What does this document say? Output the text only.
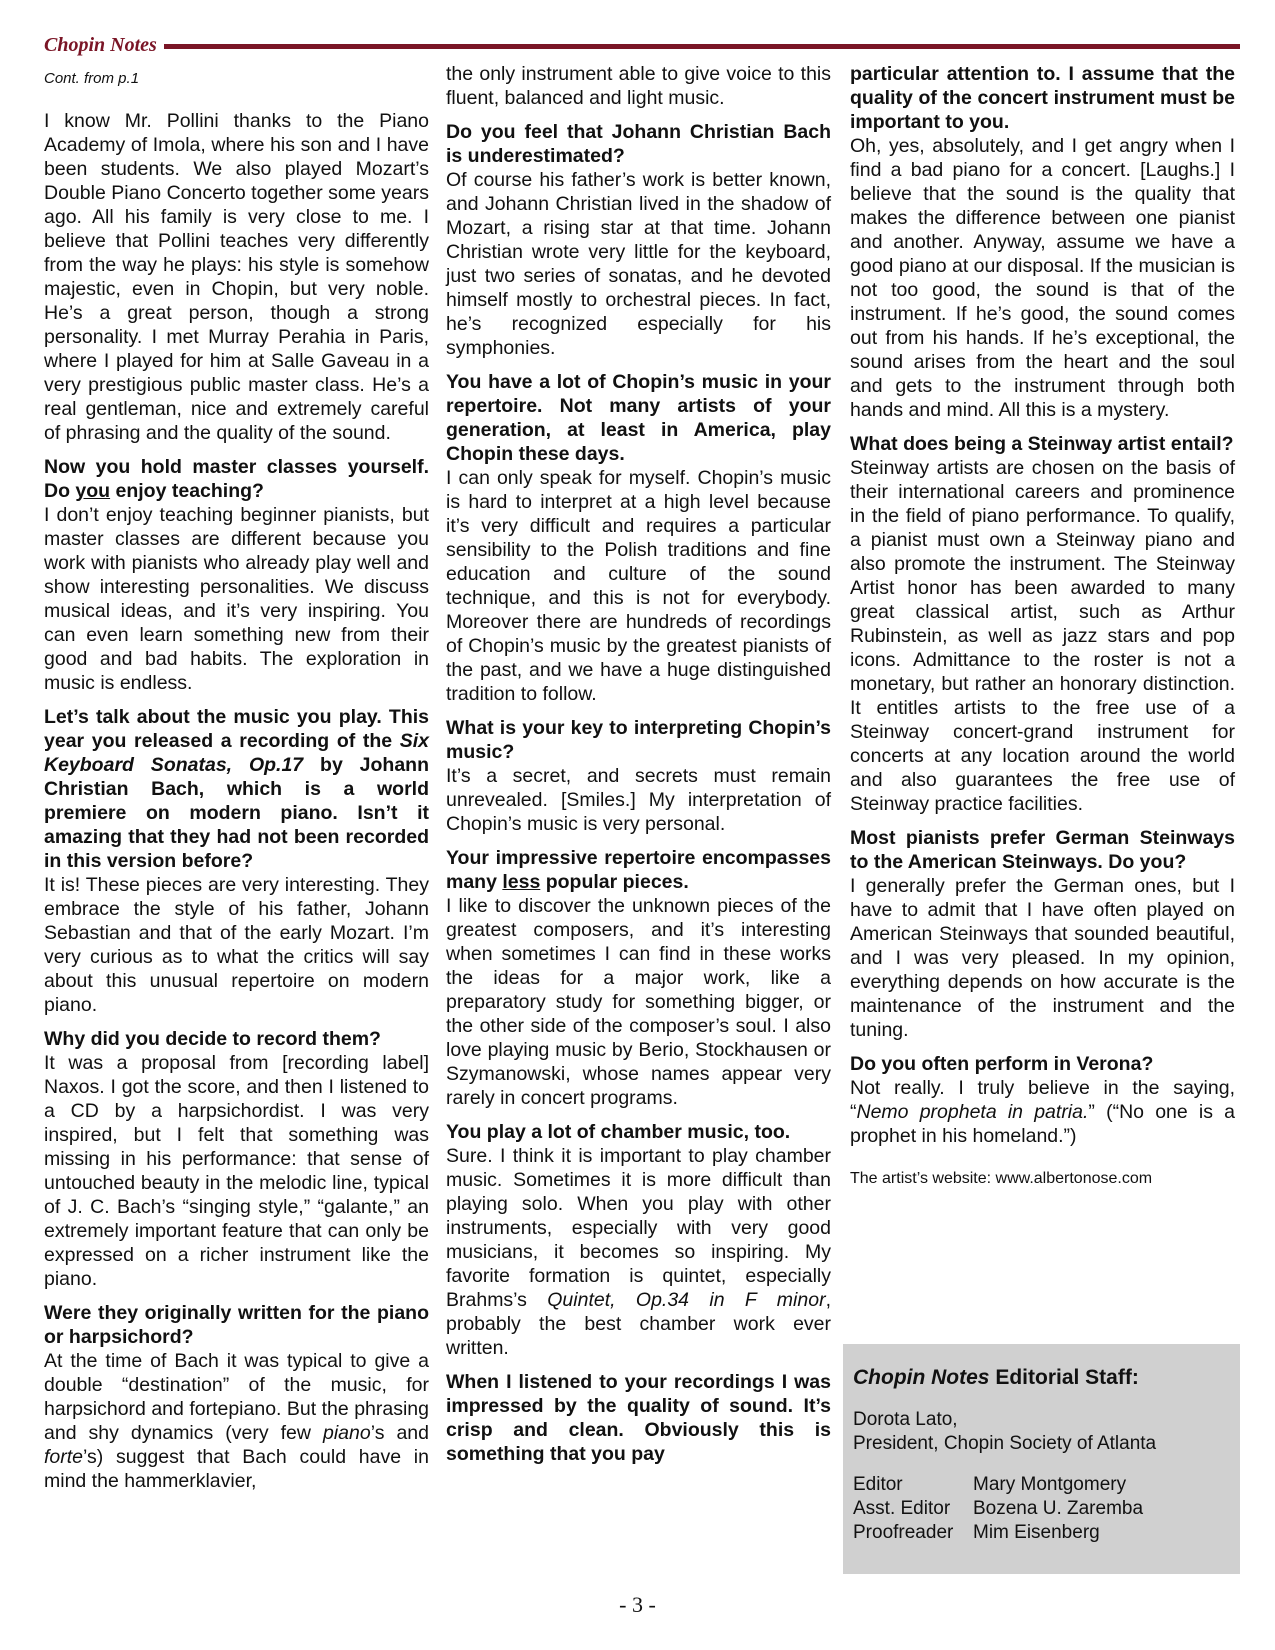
Chopin Notes
Cont. from p.1

I know Mr. Pollini thanks to the Piano Academy of Imola, where his son and I have been students. We also played Mozart’s Double Piano Concerto together some years ago. All his family is very close to me. I believe that Pollini teaches very differently from the way he plays: his style is somehow majestic, even in Chopin, but very noble. He’s a great person, though a strong personality. I met Murray Perahia in Paris, where I played for him at Salle Gaveau in a very prestigious public master class. He’s a real gentleman, nice and extremely careful of phrasing and the quality of the sound.

Now you hold master classes yourself. Do you enjoy teaching?

I don’t enjoy teaching beginner pianists, but master classes are different because you work with pianists who already play well and show interesting personalities. We discuss musical ideas, and it’s very inspiring. You can even learn something new from their good and bad habits. The exploration in music is endless.

Let’s talk about the music you play. This year you released a recording of the Six Keyboard Sonatas, Op.17 by Johann Christian Bach, which is a world premiere on modern piano. Isn’t it amazing that they had not been recorded in this version before?

It is! These pieces are very interesting. They embrace the style of his father, Johann Sebastian and that of the early Mozart. I’m very curious as to what the critics will say about this unusual repertoire on modern piano.

Why did you decide to record them?

It was a proposal from [recording label] Naxos. I got the score, and then I listened to a CD by a harpsichordist. I was very inspired, but I felt that something was missing in his performance: that sense of untouched beauty in the melodic line, typical of J. C. Bach’s “singing style,” “galante,” an extremely important feature that can only be expressed on a richer instrument like the piano.

Were they originally written for the piano or harpsichord?

At the time of Bach it was typical to give a double “destination” of the music, for harpsichord and fortepiano. But the phrasing and shy dynamics (very few piano’s and forte’s) suggest that Bach could have in mind the hammerklavier,

the only instrument able to give voice to this fluent, balanced and light music.

Do you feel that Johann Christian Bach is underestimated?

Of course his father’s work is better known, and Johann Christian lived in the shadow of Mozart, a rising star at that time. Johann Christian wrote very little for the keyboard, just two series of sonatas, and he devoted himself mostly to orchestral pieces. In fact, he’s recognized especially for his symphonies.

You have a lot of Chopin’s music in your repertoire. Not many artists of your generation, at least in America, play Chopin these days.

I can only speak for myself. Chopin’s music is hard to interpret at a high level because it’s very difficult and requires a particular sensibility to the Polish traditions and fine education and culture of the sound technique, and this is not for everybody. Moreover there are hundreds of recordings of Chopin’s music by the greatest pianists of the past, and we have a huge distinguished tradition to follow.

What is your key to interpreting Chopin’s music?

It’s a secret, and secrets must remain unrevealed. [Smiles.] My interpretation of Chopin’s music is very personal.

Your impressive repertoire encompasses many less popular pieces.

I like to discover the unknown pieces of the greatest composers, and it’s interesting when sometimes I can find in these works the ideas for a major work, like a preparatory study for something bigger, or the other side of the composer’s soul. I also love playing music by Berio, Stockhausen or Szymanowski, whose names appear very rarely in concert programs.

You play a lot of chamber music, too.

Sure. I think it is important to play chamber music. Sometimes it is more difficult than playing solo. When you play with other instruments, especially with very good musicians, it becomes so inspiring. My favorite formation is quintet, especially Brahms’s Quintet, Op.34 in F minor, probably the best chamber work ever written.

When I listened to your recordings I was impressed by the quality of sound. It’s crisp and clean. Obviously this is something that you pay

particular attention to. I assume that the quality of the concert instrument must be important to you.

Oh, yes, absolutely, and I get angry when I find a bad piano for a concert. [Laughs.] I believe that the sound is the quality that makes the difference between one pianist and another. Anyway, assume we have a good piano at our disposal. If the musician is not too good, the sound is that of the instrument. If he’s good, the sound comes out from his hands. If he’s exceptional, the sound arises from the heart and the soul and gets to the instrument through both hands and mind. All this is a mystery.

What does being a Steinway artist entail?

Steinway artists are chosen on the basis of their international careers and prominence in the field of piano performance. To qualify, a pianist must own a Steinway piano and also promote the instrument. The Steinway Artist honor has been awarded to many great classical artist, such as Arthur Rubinstein, as well as jazz stars and pop icons. Admittance to the roster is not a monetary, but rather an honorary distinction. It entitles artists to the free use of a Steinway concert-grand instrument for concerts at any location around the world and also guarantees the free use of Steinway practice facilities.

Most pianists prefer German Steinways to the American Steinways. Do you?

I generally prefer the German ones, but I have to admit that I have often played on American Steinways that sounded beautiful, and I was very pleased. In my opinion, everything depends on how accurate is the maintenance of the instrument and the tuning.

Do you often perform in Verona?

Not really. I truly believe in the saying, “Nemo propheta in patria.” (“No one is a prophet in his homeland.”)

The artist’s website: www.albertonose.com
Chopin Notes Editorial Staff:
Dorota Lato,
President, Chopin Society of Atlanta
Editor	Mary Montgomery
Asst. Editor Bozena U. Zaremba
Proofreader Mim Eisenberg
- 3 -
